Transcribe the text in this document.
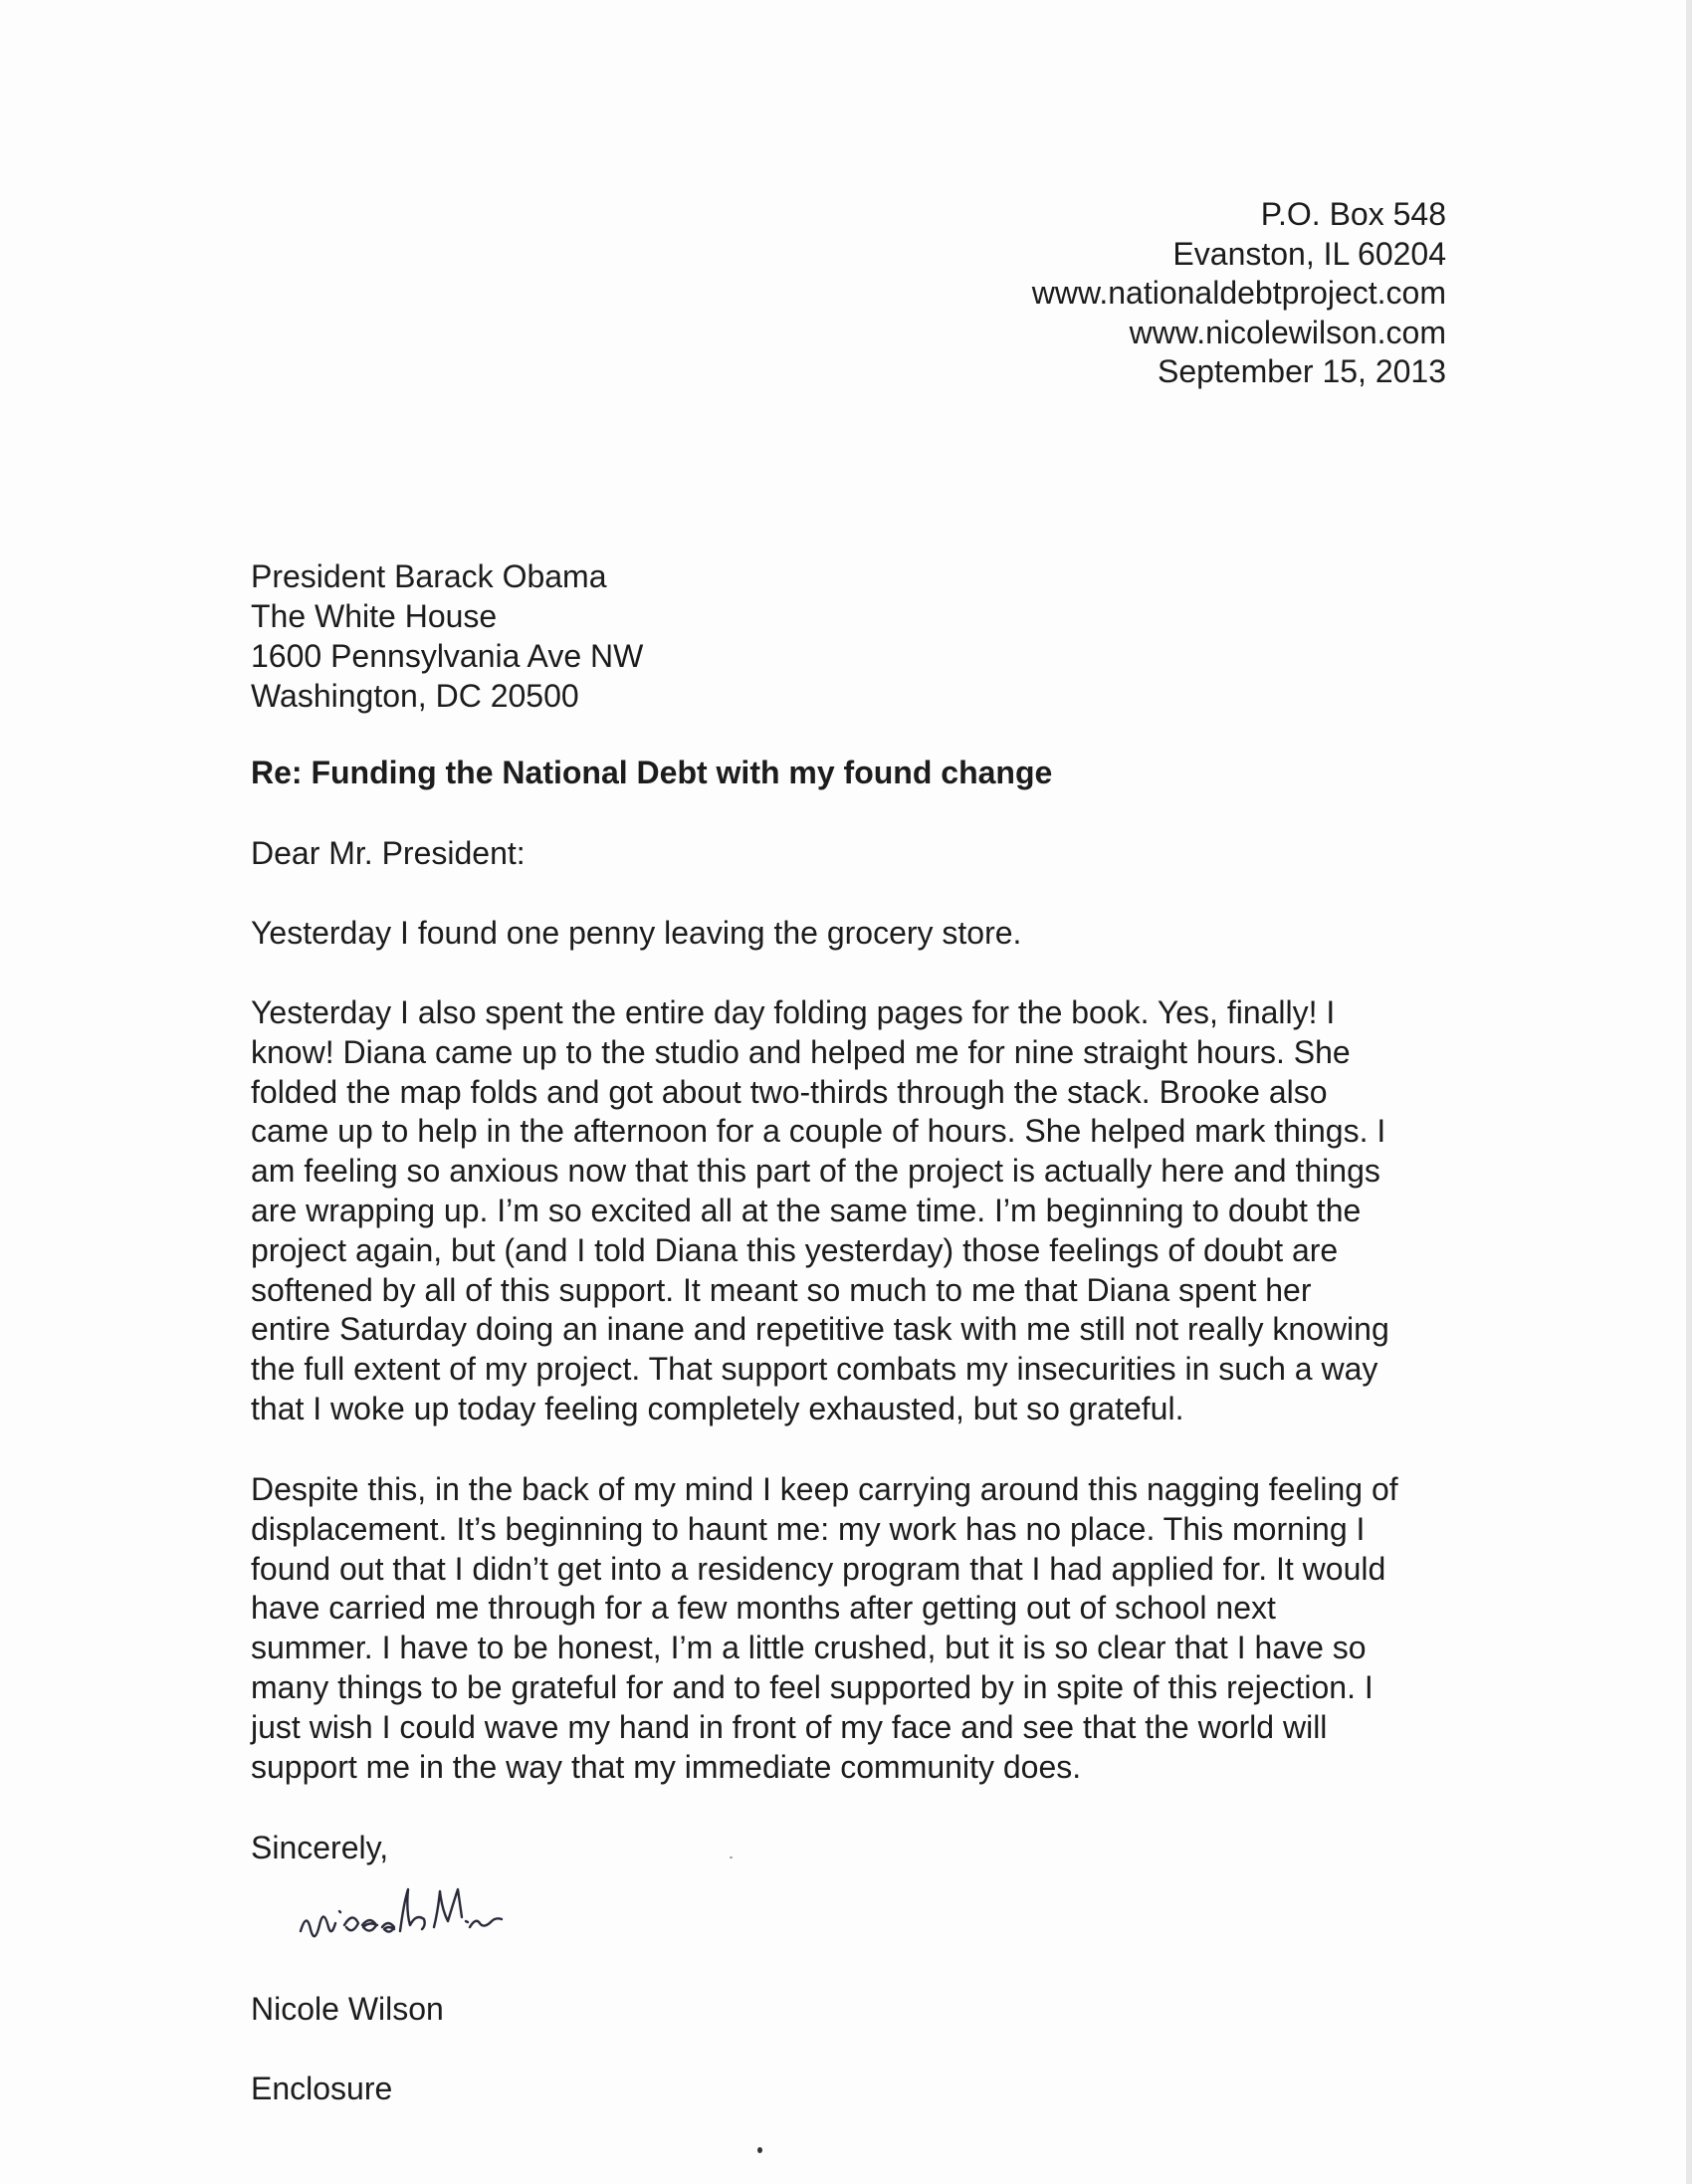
P.O. Box 548
Evanston, IL 60204
www.nationaldebtproject.com
www.nicolewilson.com
September 15, 2013
President Barack Obama
The White House
1600 Pennsylvania Ave NW
Washington, DC 20500
Re: Funding the National Debt with my found change
Dear Mr. President:
Yesterday I found one penny leaving the grocery store.
Yesterday I also spent the entire day folding pages for the book. Yes, finally! I
know! Diana came up to the studio and helped me for nine straight hours. She
folded the map folds and got about two-thirds through the stack. Brooke also
came up to help in the afternoon for a couple of hours. She helped mark things. I
am feeling so anxious now that this part of the project is actually here and things
are wrapping up. I’m so excited all at the same time. I’m beginning to doubt the
project again, but (and I told Diana this yesterday) those feelings of doubt are
softened by all of this support. It meant so much to me that Diana spent her
entire Saturday doing an inane and repetitive task with me still not really knowing
the full extent of my project. That support combats my insecurities in such a way
that I woke up today feeling completely exhausted, but so grateful.
Despite this, in the back of my mind I keep carrying around this nagging feeling of
displacement. It’s beginning to haunt me: my work has no place. This morning I
found out that I didn’t get into a residency program that I had applied for. It would
have carried me through for a few months after getting out of school next
summer. I have to be honest, I’m a little crushed, but it is so clear that I have so
many things to be grateful for and to feel supported by in spite of this rejection. I
just wish I could wave my hand in front of my face and see that the world will
support me in the way that my immediate community does.
Sincerely,
Nicole Wilson
Enclosure
